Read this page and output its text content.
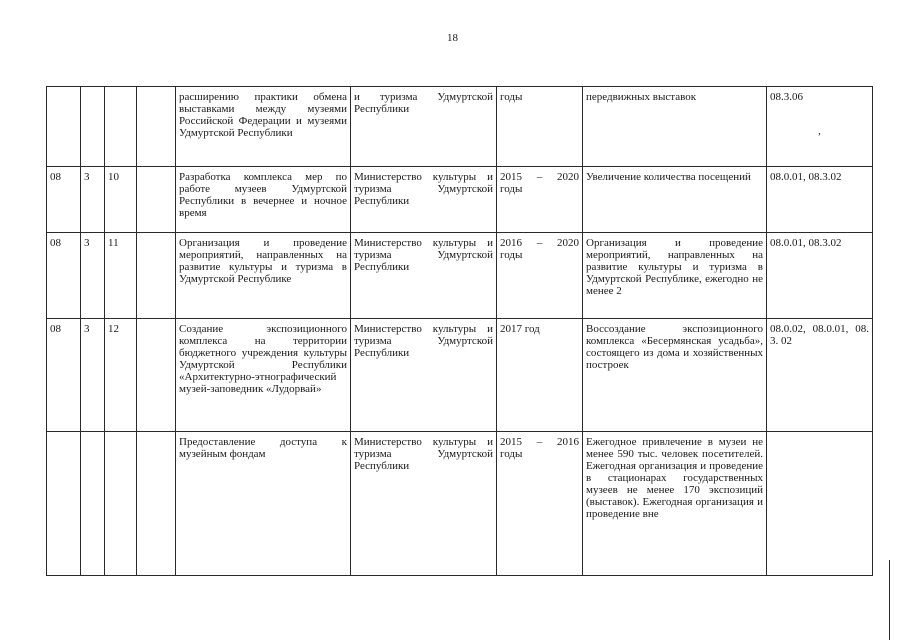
18
				расширению практики обмена выставками между музеями Российской Федерации и музеями Удмуртской Республики	и туризма Удмуртской Республики	годы	передвижных выставок	08.3.06
,

08	3	10		Разработка комплекса мер по работе музеев Удмуртской Республики в вечернее и ночное время	Министерство культуры и туризма Удмуртской Республики	2015 – 2020 годы	Увеличение количества посещений	08.0.01, 08.3.02
08	3	11		Организация и проведение мероприятий, направленных на развитие культуры и туризма в Удмуртской Республике	Министерство культуры и туризма Удмуртской Республики	2016 – 2020 годы	Организация и проведение мероприятий, направленных на развитие культуры и туризма в Удмуртской Республике, ежегодно не менее 2	08.0.01, 08.3.02
08	3	12		Создание экспозиционного комплекса на территории бюджетного учреждения культуры Удмуртской Республики «Архитектурно-этнографический музей-заповедник «Лудорвай»	Министерство культуры и туризма Удмуртской Республики	2017 год	Воссоздание экспозиционного комплекса «Бесермянская усадьба», состоящего из дома и хозяйственных построек	08.0.02, 08.0.01, 08. 3. 02
				Предоставление доступа к музейным фондам	Министерство культуры и туризма Удмуртской Республики	2015 – 2016 годы	Ежегодное привлечение в музеи не менее 590 тыс. человек посетителей. Ежегодная организация и проведение в стационарах государственных музеев не менее 170 экспозиций (выставок). Ежегодная организация и проведение вне	
